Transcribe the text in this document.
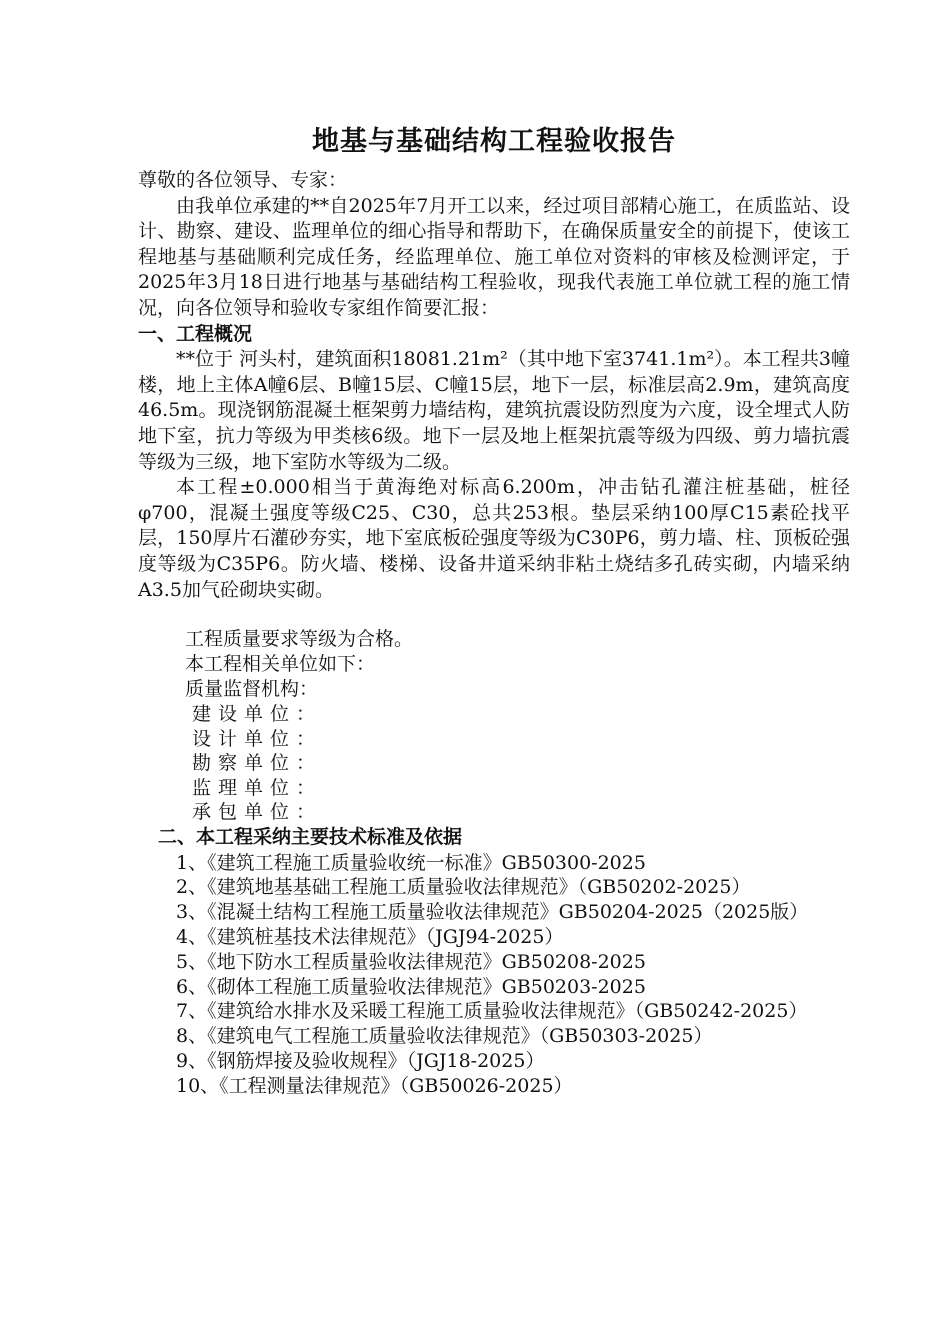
地基与基础结构工程验收报告
尊敬的各位领导、专家：
由我单位承建的**自2025年7月开工以来，经过项目部精心施工，在质监站、设计、勘察、建设、监理单位的细心指导和帮助下，在确保质量安全的前提下，使该工程地基与基础顺利完成任务，经监理单位、施工单位对资料的审核及检测评定，于2025年3月18日进行地基与基础结构工程验收，现我代表施工单位就工程的施工情况，向各位领导和验收专家组作简要汇报：
一、工程概况
**位于 河头村，建筑面积18081.21m²（其中地下室3741.1m²）。本工程共3幢楼，地上主体A幢6层、B幢15层、C幢15层，地下一层，标准层高2.9m，建筑高度46.5m。现浇钢筋混凝土框架剪力墙结构，建筑抗震设防烈度为六度，设全埋式人防地下室，抗力等级为甲类核6级。地下一层及地上框架抗震等级为四级、剪力墙抗震等级为三级，地下室防水等级为二级。
本工程±0.000相当于黄海绝对标高6.200m，冲击钻孔灌注桩基础，桩径φ700，混凝土强度等级C25、C30，总共253根。垫层采纳100厚C15素砼找平层，150厚片石灌砂夯实，地下室底板砼强度等级为C30P6，剪力墙、柱、顶板砼强度等级为C35P6。防火墙、楼梯、设备井道采纳非粘土烧结多孔砖实砌，内墙采纳A3.5加气砼砌块实砌。
工程质量要求等级为合格。
本工程相关单位如下：
质量监督机构：
建设单位：
设计单位：
勘察单位：
监理单位：
承包单位：
二、本工程采纳主要技术标准及依据
1、《建筑工程施工质量验收统一标准》GB50300-2025
2、《建筑地基基础工程施工质量验收法律规范》（GB50202-2025）
3、《混凝土结构工程施工质量验收法律规范》GB50204-2025（2025版）
4、《建筑桩基技术法律规范》（JGJ94-2025）
5、《地下防水工程质量验收法律规范》GB50208-2025
6、《砌体工程施工质量验收法律规范》GB50203-2025
7、《建筑给水排水及采暖工程施工质量验收法律规范》（GB50242-2025）
8、《建筑电气工程施工质量验收法律规范》（GB50303-2025）
9、《钢筋焊接及验收规程》（JGJ18-2025）
10、《工程测量法律规范》（GB50026-2025）
